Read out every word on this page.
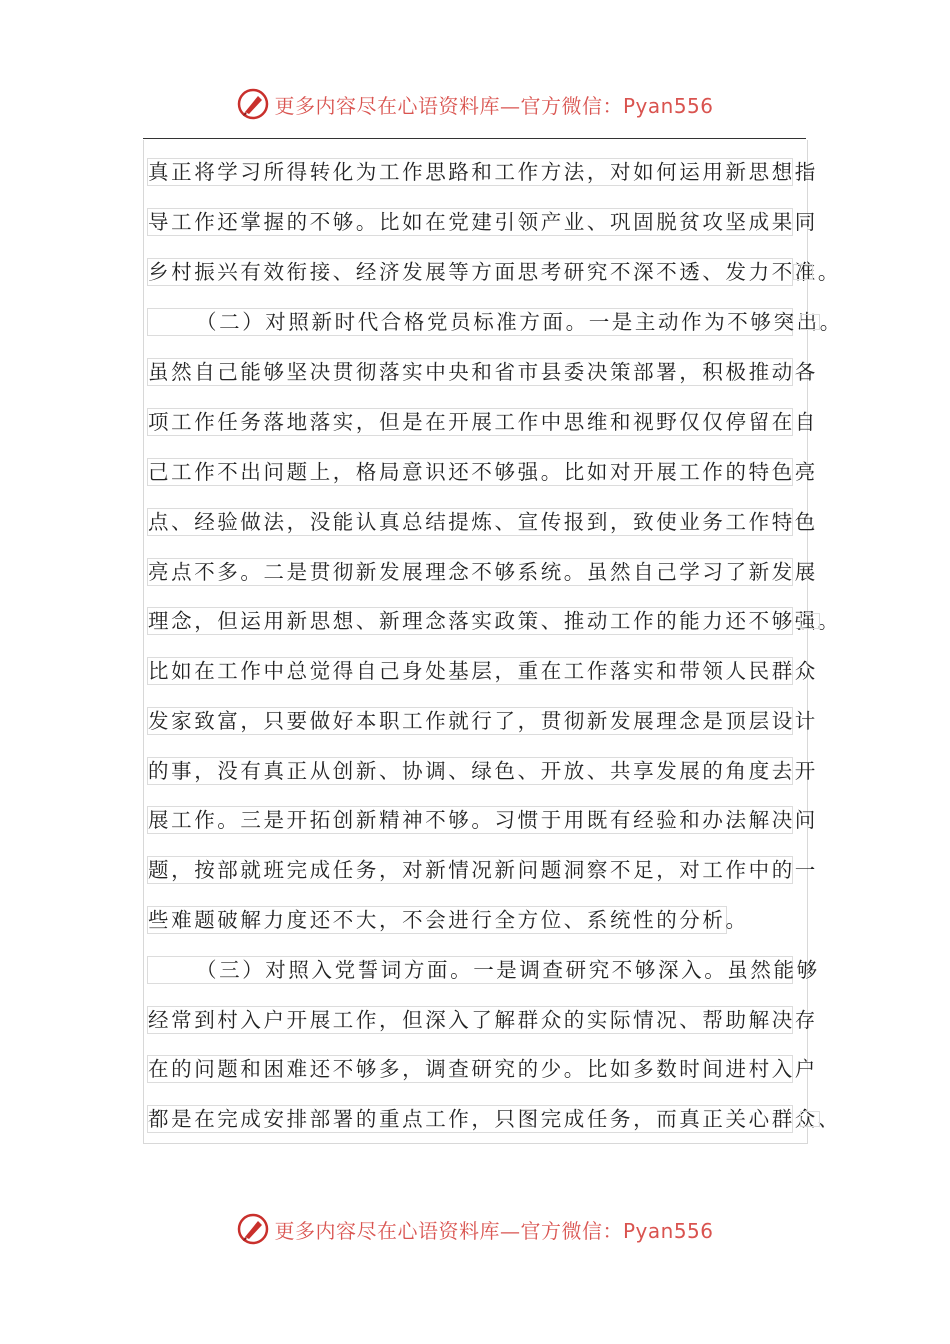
更多内容尽在心语资料库—官方微信：Pyan556
真正将学习所得转化为工作思路和工作方法，对如何运用新思想指
导工作还掌握的不够。比如在党建引领产业、巩固脱贫攻坚成果同
乡村振兴有效衔接、经济发展等方面思考研究不深不透、发力不准。
（二）对照新时代合格党员标准方面。一是主动作为不够突出。
虽然自己能够坚决贯彻落实中央和省市县委决策部署，积极推动各
项工作任务落地落实，但是在开展工作中思维和视野仅仅停留在自
己工作不出问题上，格局意识还不够强。比如对开展工作的特色亮
点、经验做法，没能认真总结提炼、宣传报到，致使业务工作特色
亮点不多。二是贯彻新发展理念不够系统。虽然自己学习了新发展
理念，但运用新思想、新理念落实政策、推动工作的能力还不够强。
比如在工作中总觉得自己身处基层，重在工作落实和带领人民群众
发家致富，只要做好本职工作就行了，贯彻新发展理念是顶层设计
的事，没有真正从创新、协调、绿色、开放、共享发展的角度去开
展工作。三是开拓创新精神不够。习惯于用既有经验和办法解决问
题，按部就班完成任务，对新情况新问题洞察不足，对工作中的一
些难题破解力度还不大，不会进行全方位、系统性的分析。
（三）对照入党誓词方面。一是调查研究不够深入。虽然能够
经常到村入户开展工作，但深入了解群众的实际情况、帮助解决存
在的问题和困难还不够多，调查研究的少。比如多数时间进村入户
都是在完成安排部署的重点工作，只图完成任务，而真正关心群众、
更多内容尽在心语资料库—官方微信：Pyan556
